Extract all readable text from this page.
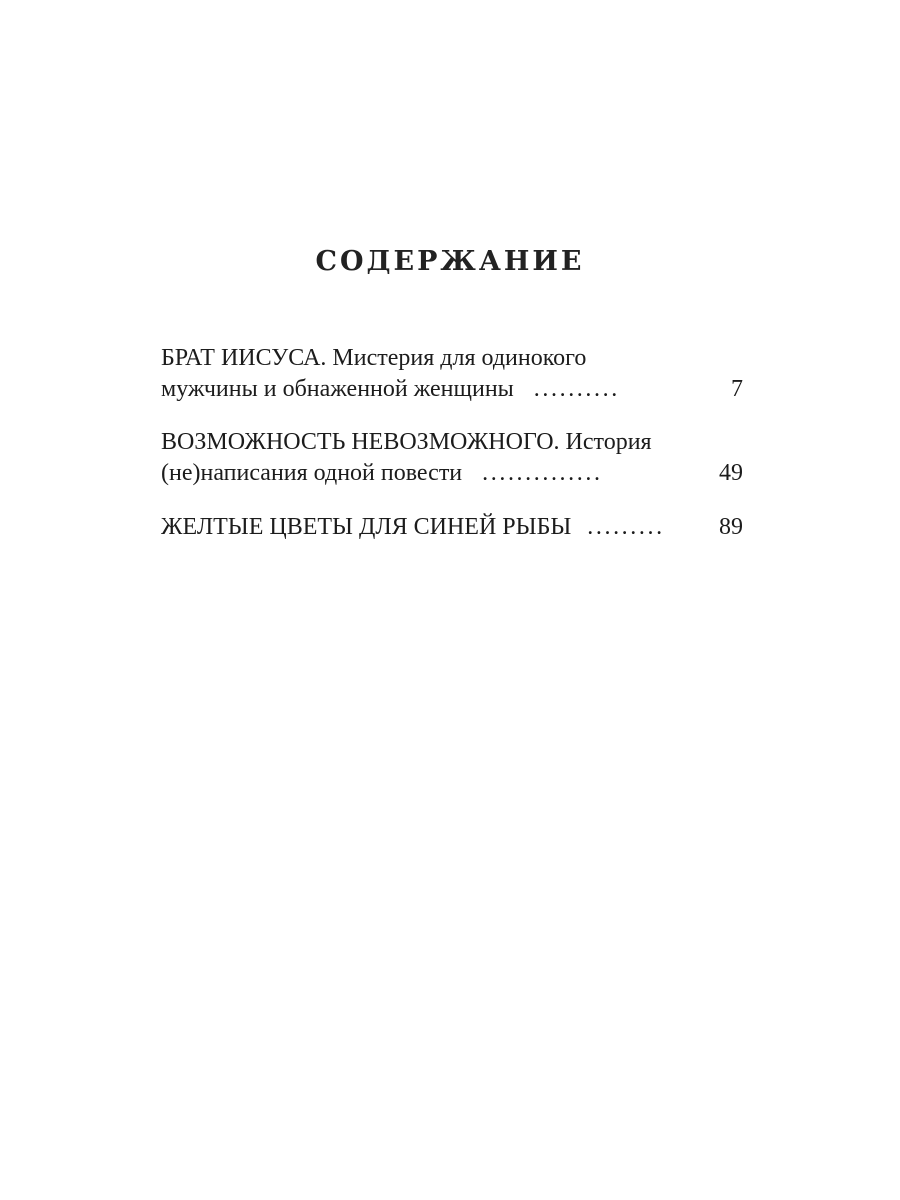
СОДЕРЖАНИЕ
БРАТ ИИСУСА. Мистерия для одинокого
мужчины и обнаженной женщины ..........	7
ВОЗМОЖНОСТЬ НЕВОЗМОЖНОГО. История
(не)написания одной повести ..............	49
ЖЕЛТЫЕ ЦВЕТЫ ДЛЯ СИНЕЙ РЫБЫ ......... 89
